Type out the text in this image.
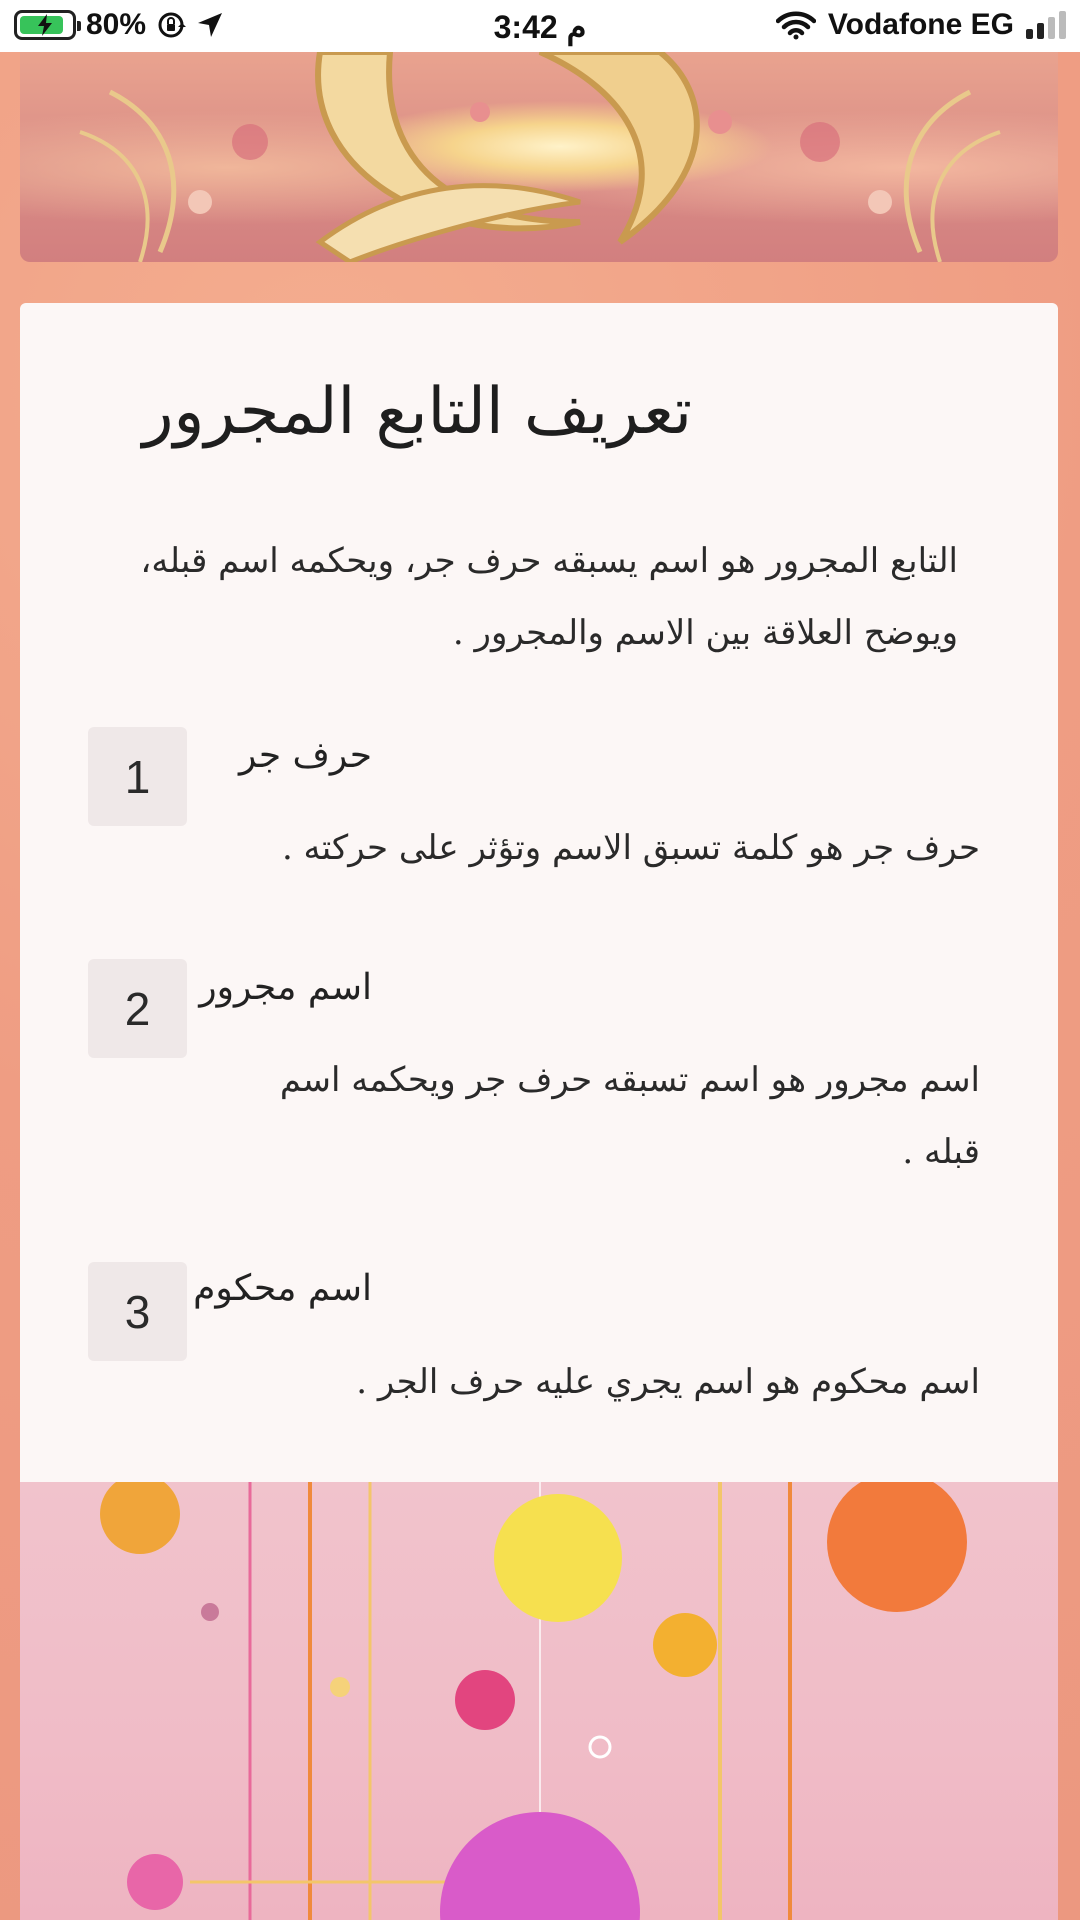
80%	3:42 م	Vodafone EG
تعريف التابع المجرور
التابع المجرور هو اسم يسبقه حرف جر، ويحكمه اسم قبله، ويوضح العلاقة بين الاسم والمجرور .
1	حرف جر
حرف جر هو كلمة تسبق الاسم وتؤثر على حركته .
2	اسم مجرور
اسم مجرور هو اسم تسبقه حرف جر ويحكمه اسم قبله .
3	اسم محكوم
اسم محكوم هو اسم يجري عليه حرف الجر .
